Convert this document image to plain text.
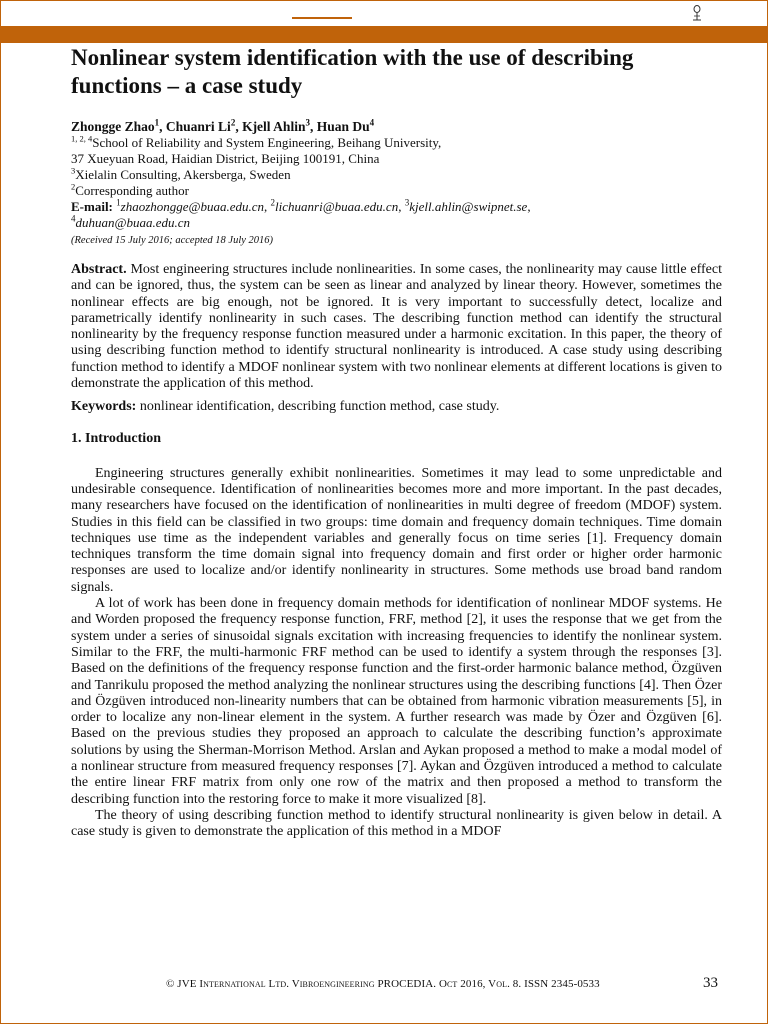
Nonlinear system identification with the use of describing functions – a case study
Zhongge Zhao$^1$, Chuanri Li$^2$, Kjell Ahlin$^3$, Huan Du$^4$
$^{1, 2, 4}$School of Reliability and System Engineering, Beihang University,
37 Xueyuan Road, Haidian District, Beijing 100191, China
$^3$Xielalin Consulting, Akersberga, Sweden
$^2$Corresponding author
E-mail: $^1$zhaozhongge@buaa.edu.cn, $^2$lichuanri@buaa.edu.cn, $^3$kjell.ahlin@swipnet.se,
$^4$duhuan@buaa.edu.cn
(Received 15 July 2016; accepted 18 July 2016)

Abstract. Most engineering structures include nonlinearities. In some cases, the nonlinearity may cause little effect and can be ignored, thus, the system can be seen as linear and analyzed by linear theory. However, sometimes the nonlinear effects are big enough, not be ignored. It is very important to successfully detect, localize and parametrically identify nonlinearity in such cases. The describing function method can identify the structural nonlinearity by the frequency response function measured under a harmonic excitation. In this paper, the theory of using describing function method to identify structural nonlinearity is introduced. A case study using describing function method to identify a MDOF nonlinear system with two nonlinear elements at different locations is given to demonstrate the application of this method.

Keywords: nonlinear identification, describing function method, case study.

1. Introduction

Engineering structures generally exhibit nonlinearities. Sometimes it may lead to some unpredictable and undesirable consequence. Identification of nonlinearities becomes more and more important. In the past decades, many researchers have focused on the identification of nonlinearities in multi degree of freedom (MDOF) system. Studies in this field can be classified in two groups: time domain and frequency domain techniques. Time domain techniques use time as the independent variables and generally focus on time series [1]. Frequency domain techniques transform the time domain signal into frequency domain and first order or higher order harmonic responses are used to localize and/or identify nonlinearity in structures. Some methods use broad band random signals.

A lot of work has been done in frequency domain methods for identification of nonlinear MDOF systems. He and Worden proposed the frequency response function, FRF, method [2], it uses the response that we get from the system under a series of sinusoidal signals excitation with increasing frequencies to identify the nonlinear system. Similar to the FRF, the multi-harmonic FRF method can be used to identify a system through the responses [3]. Based on the definitions of the frequency response function and the first-order harmonic balance method, Özgüven and Tanrikulu proposed the method analyzing the nonlinear structures using the describing functions [4]. Then Özer and Özgüven introduced non-linearity numbers that can be obtained from harmonic vibration measurements [5], in order to localize any non-linear element in the system. A further research was made by Özer and Özgüven [6]. Based on the previous studies they proposed an approach to calculate the describing function’s approximate solutions by using the Sherman-Morrison Method. Arslan and Aykan proposed a method to make a modal model of a nonlinear structure from measured frequency responses [7]. Aykan and Özgüven introduced a method to calculate the entire linear FRF matrix from only one row of the matrix and then proposed a method to transform the describing function into the restoring force to make it more visualized [8].

The theory of using describing function method to identify structural nonlinearity is given below in detail. A case study is given to demonstrate the application of this method in a MDOF

© JVE International Ltd. Vibroengineering PROCEDIA. Oct 2016, Vol. 8. ISSN 2345-0533	33
